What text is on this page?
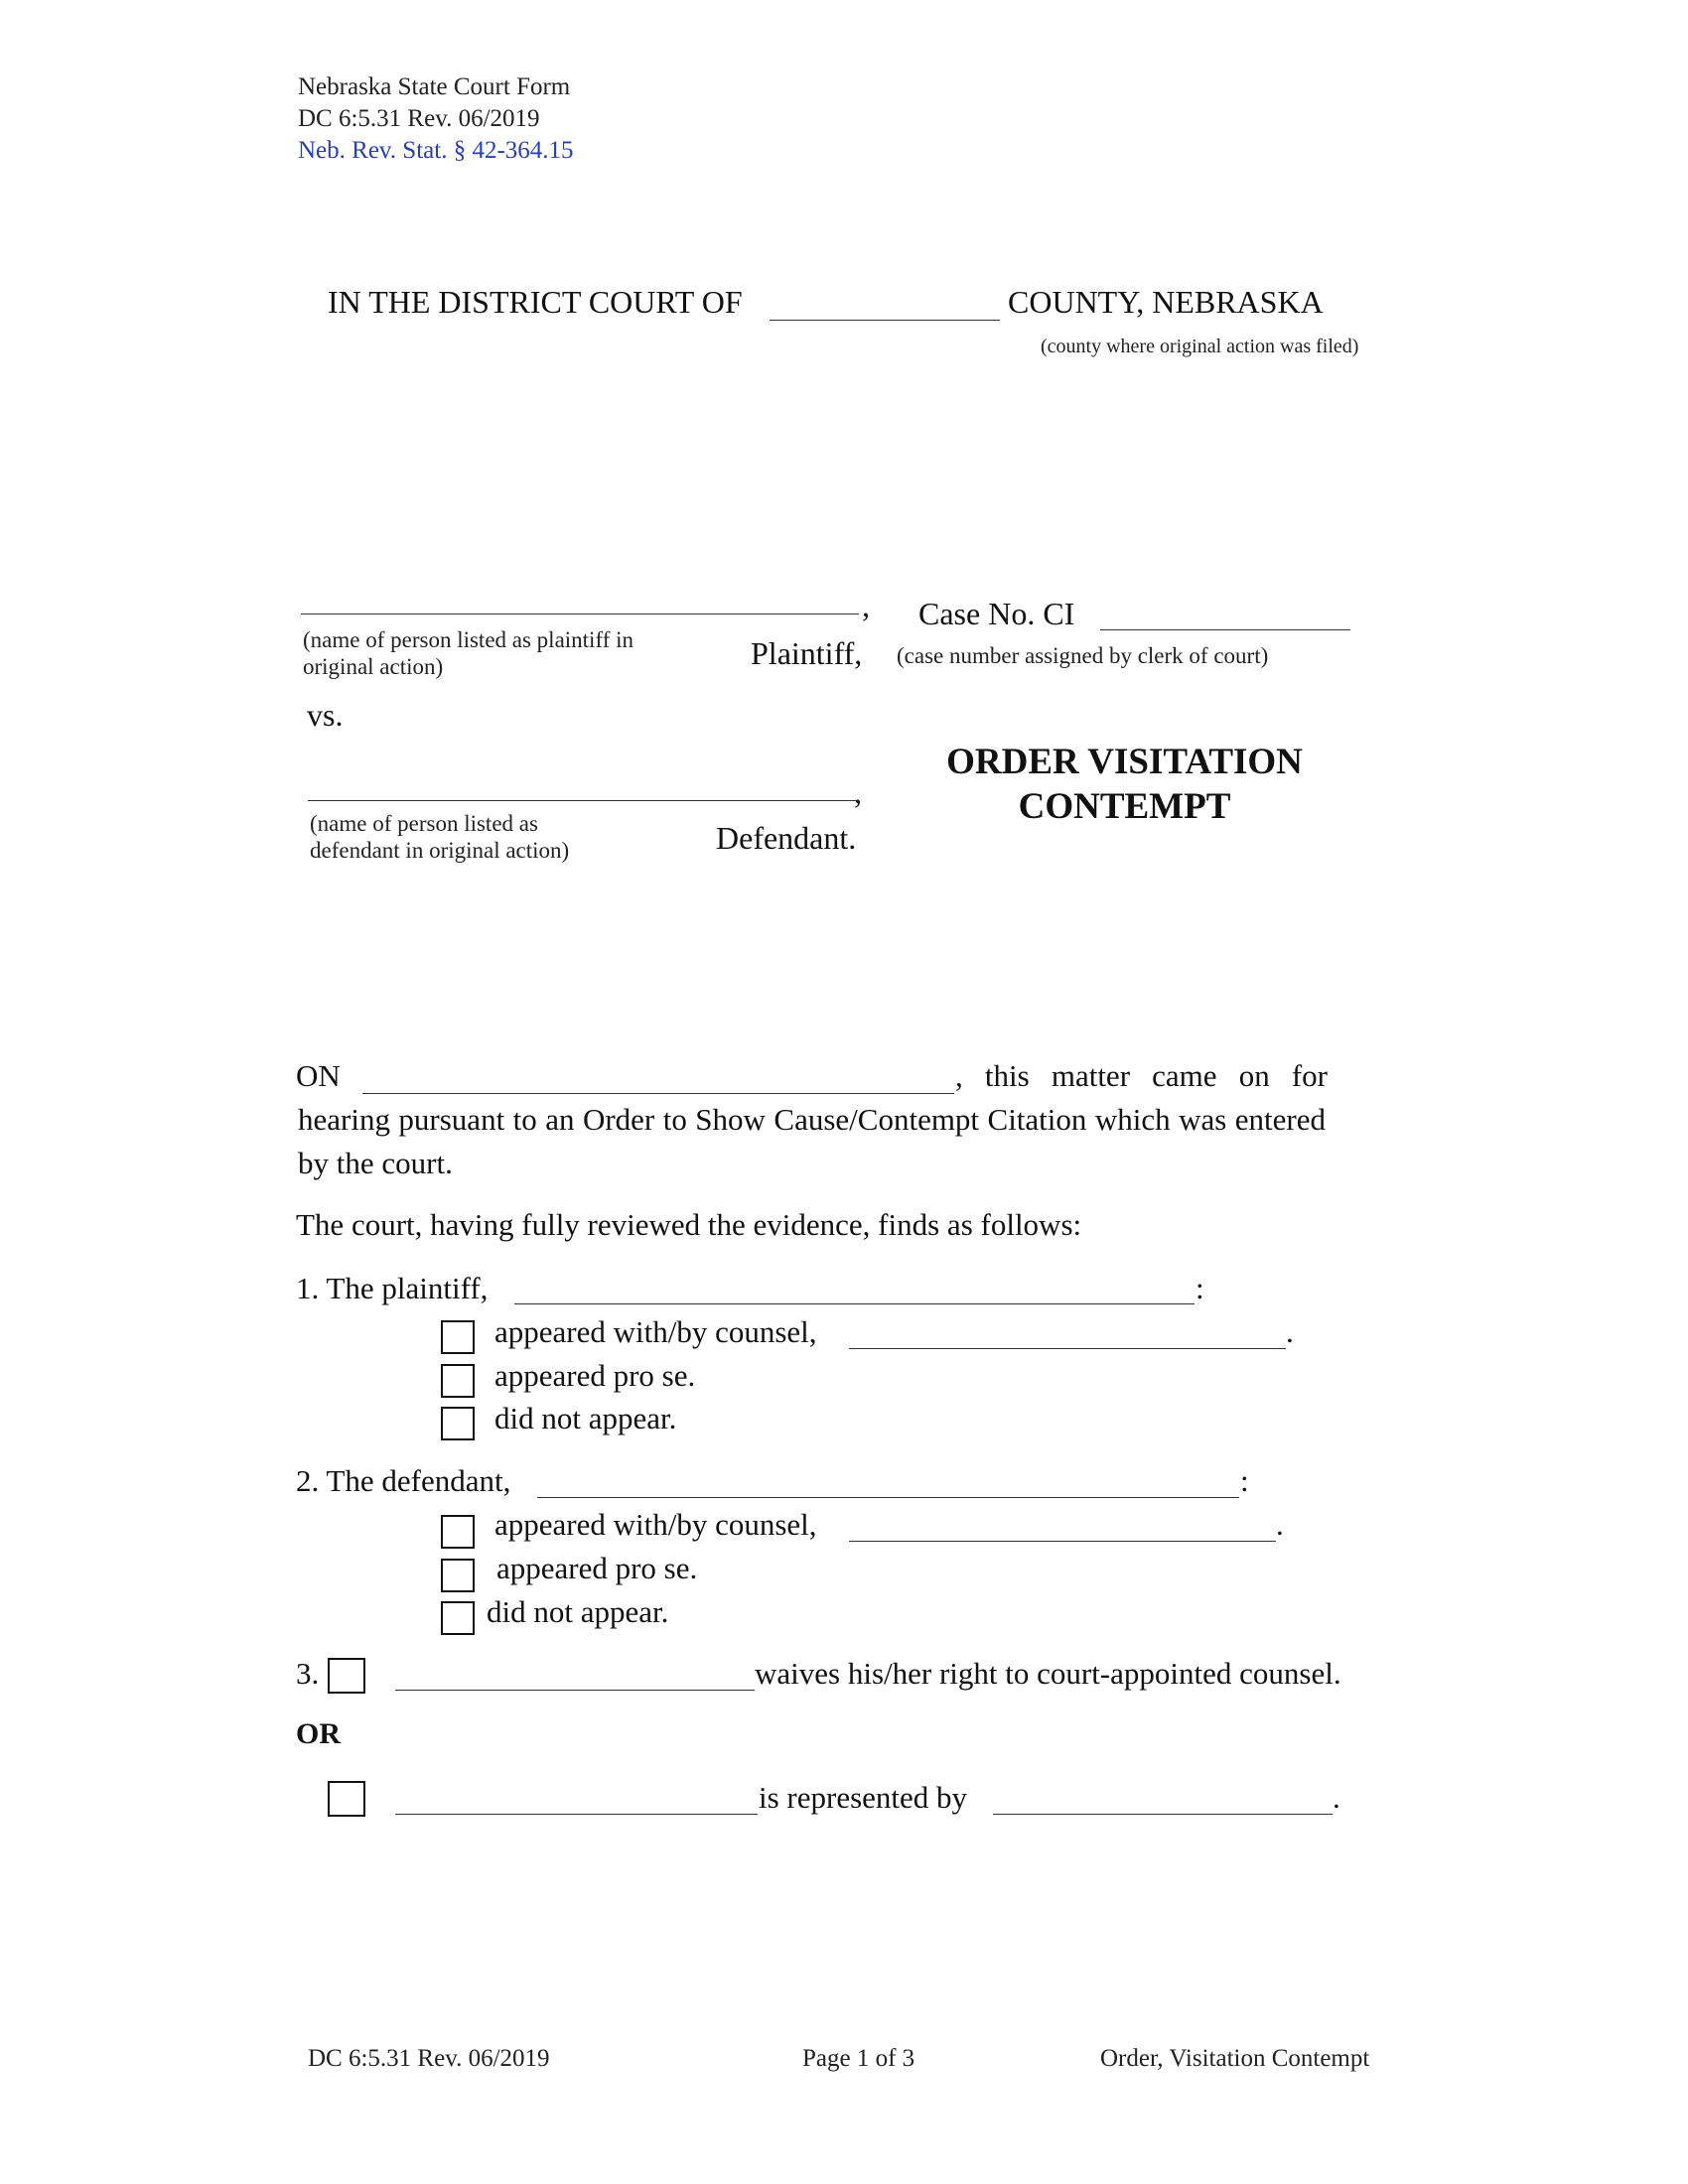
Nebraska State Court Form
DC 6:5.31 Rev. 06/2019
Neb. Rev. Stat. § 42-364.15
IN THE DISTRICT COURT OF	COUNTY, NEBRASKA
(county where original action was filed)
,
(name of person listed as plaintiff in original action)	Plaintiff,
vs.
,
(name of person listed as defendant in original action)	Defendant.
Case No. CI
(case number assigned by clerk of court)
ORDER VISITATION
CONTEMPT
ON	, this matter came on for
hearing pursuant to an Order to Show Cause/Contempt Citation which was entered by the court.
The court, having fully reviewed the evidence, finds as follows:
1. The plaintiff,	:
appeared with/by counsel,	.
appeared pro se.
did not appear.
2. The defendant,	:
appeared with/by counsel,	.
appeared pro se.
did not appear.
3.	waives his/her right to court-appointed counsel.
OR
is represented by	.
DC 6:5.31 Rev. 06/2019	Page 1 of 3	Order, Visitation Contempt
